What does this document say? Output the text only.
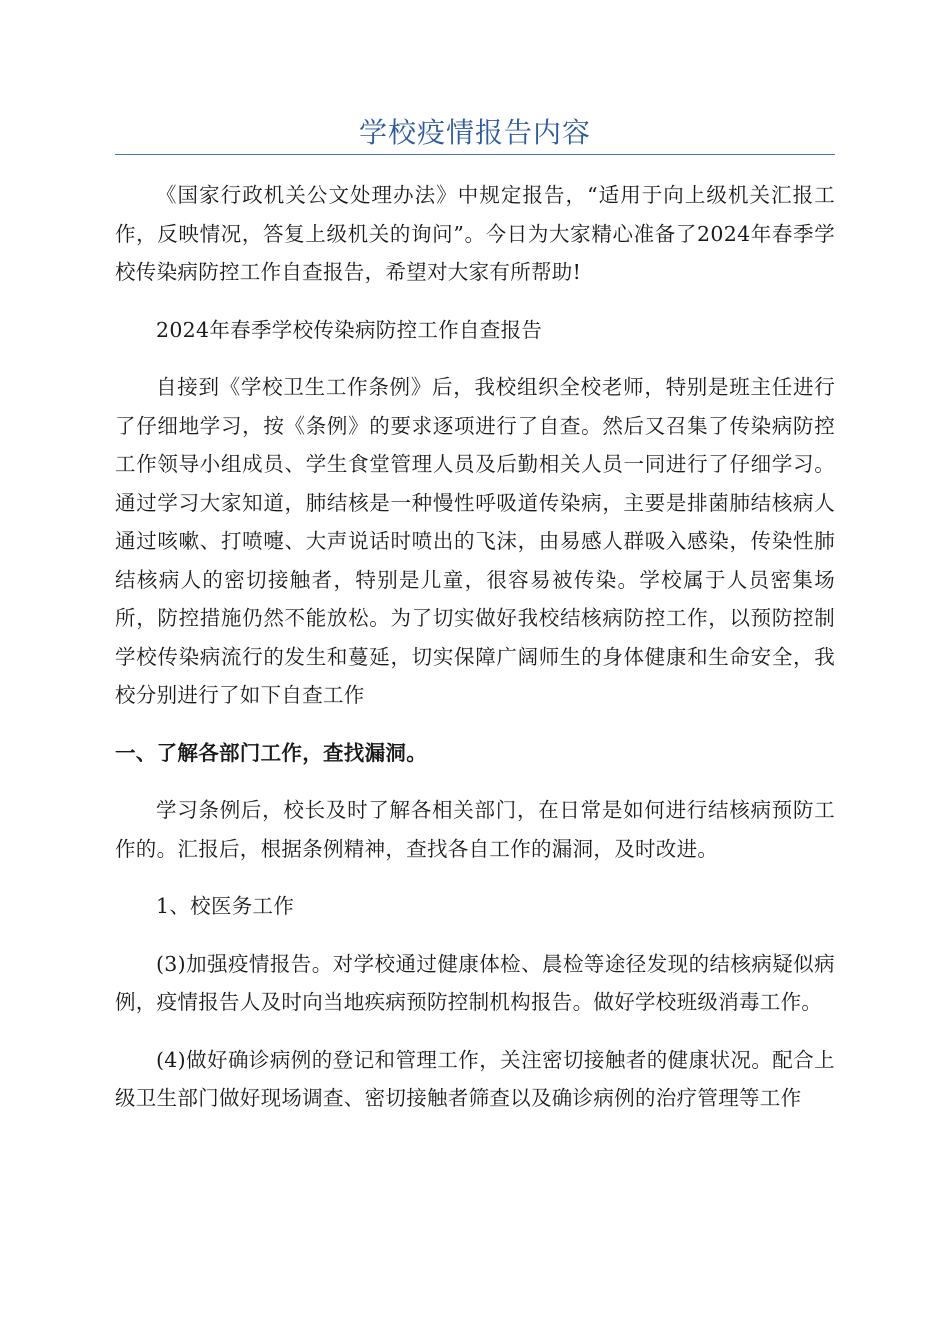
学校疫情报告内容

《国家行政机关公文处理办法》中规定报告，“适用于向上级机关汇报工作，反映情况，答复上级机关的询问”。今日为大家精心准备了2024年春季学校传染病防控工作自查报告，希望对大家有所帮助!

2024年春季学校传染病防控工作自查报告

自接到《学校卫生工作条例》后，我校组织全校老师，特别是班主任进行了仔细地学习，按《条例》的要求逐项进行了自查。然后又召集了传染病防控工作领导小组成员、学生食堂管理人员及后勤相关人员一同进行了仔细学习。通过学习大家知道，肺结核是一种慢性呼吸道传染病，主要是排菌肺结核病人通过咳嗽、打喷嚏、大声说话时喷出的飞沫，由易感人群吸入感染，传染性肺结核病人的密切接触者，特别是儿童，很容易被传染。学校属于人员密集场所，防控措施仍然不能放松。为了切实做好我校结核病防控工作，以预防控制学校传染病流行的发生和蔓延，切实保障广阔师生的身体健康和生命安全，我校分别进行了如下自查工作

一、了解各部门工作，查找漏洞。

学习条例后，校长及时了解各相关部门，在日常是如何进行结核病预防工作的。汇报后，根据条例精神，查找各自工作的漏洞，及时改进。

1、校医务工作

(3)加强疫情报告。对学校通过健康体检、晨检等途径发现的结核病疑似病例，疫情报告人及时向当地疾病预防控制机构报告。做好学校班级消毒工作。

(4)做好确诊病例的登记和管理工作，关注密切接触者的健康状况。配合上级卫生部门做好现场调查、密切接触者筛查以及确诊病例的治疗管理等工作
